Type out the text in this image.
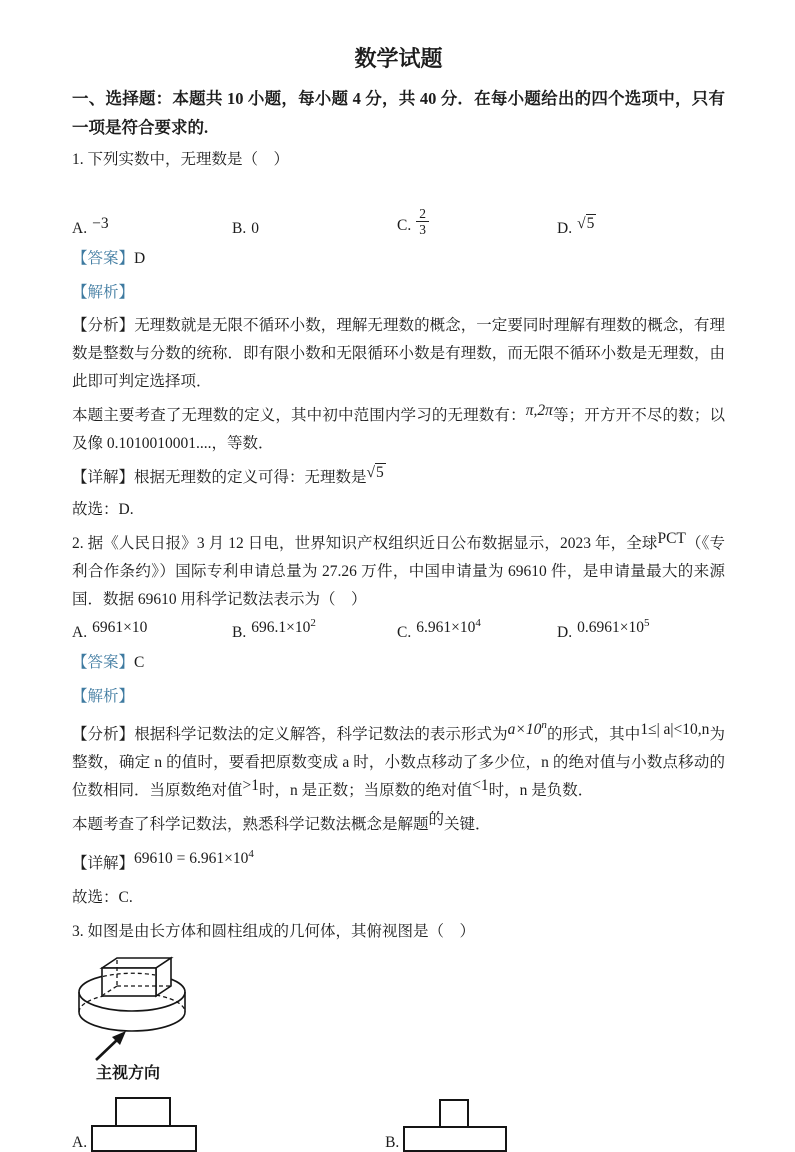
数学试题

一、选择题：本题共 10 小题，每小题 4 分，共 40 分．在每小题给出的四个选项中，只有一项是符合要求的.

1. 下列实数中，无理数是（　）

A. −3	B. 0	C. $\frac{2}{3}$	D. √5

【答案】D

【解析】

【分析】无理数就是无限不循环小数，理解无理数的概念，一定要同时理解有理数的概念，有理数是整数与分数的统称．即有限小数和无限循环小数是有理数，而无限不循环小数是无理数，由此即可判定选择项．

本题主要考查了无理数的定义，其中初中范围内学习的无理数有：π,2π等；开方开不尽的数；以及像 0.1010010001....，等数．

【详解】根据无理数的定义可得：无理数是√5

故选：D.

2. 据《人民日报》3 月 12 日电，世界知识产权组织近日公布数据显示，2023 年，全球PCT（《专利合作条约》）国际专利申请总量为 27.26 万件，中国申请量为 69610 件，是申请量最大的来源国．数据 69610 用科学记数法表示为（　）

A. 6961×10	B. $696.1\times 10^2$
C. $6.961\times 10^4$
D. $0.6961\times 10^5$

【答案】C

【解析】

【分析】根据科学记数法的定义解答，科学记数法的表示形式为$a\times 10^n$的形式，其中1≤| a|<10,n为整数，确定 n 的值时，要看把原数变成 a 时，小数点移动了多少位，n 的绝对值与小数点移动的位数相同．当原数绝对值>1时，n 是正数；当原数的绝对值<1时，n 是负数．

本题考查了科学记数法，熟悉科学记数法概念是解题的关键．

【详解】$69610 = 6.961\times 10^4$

故选：C.

3. 如图是由长方体和圆柱组成的几何体，其俯视图是（　）

主视方向
A.	B.
